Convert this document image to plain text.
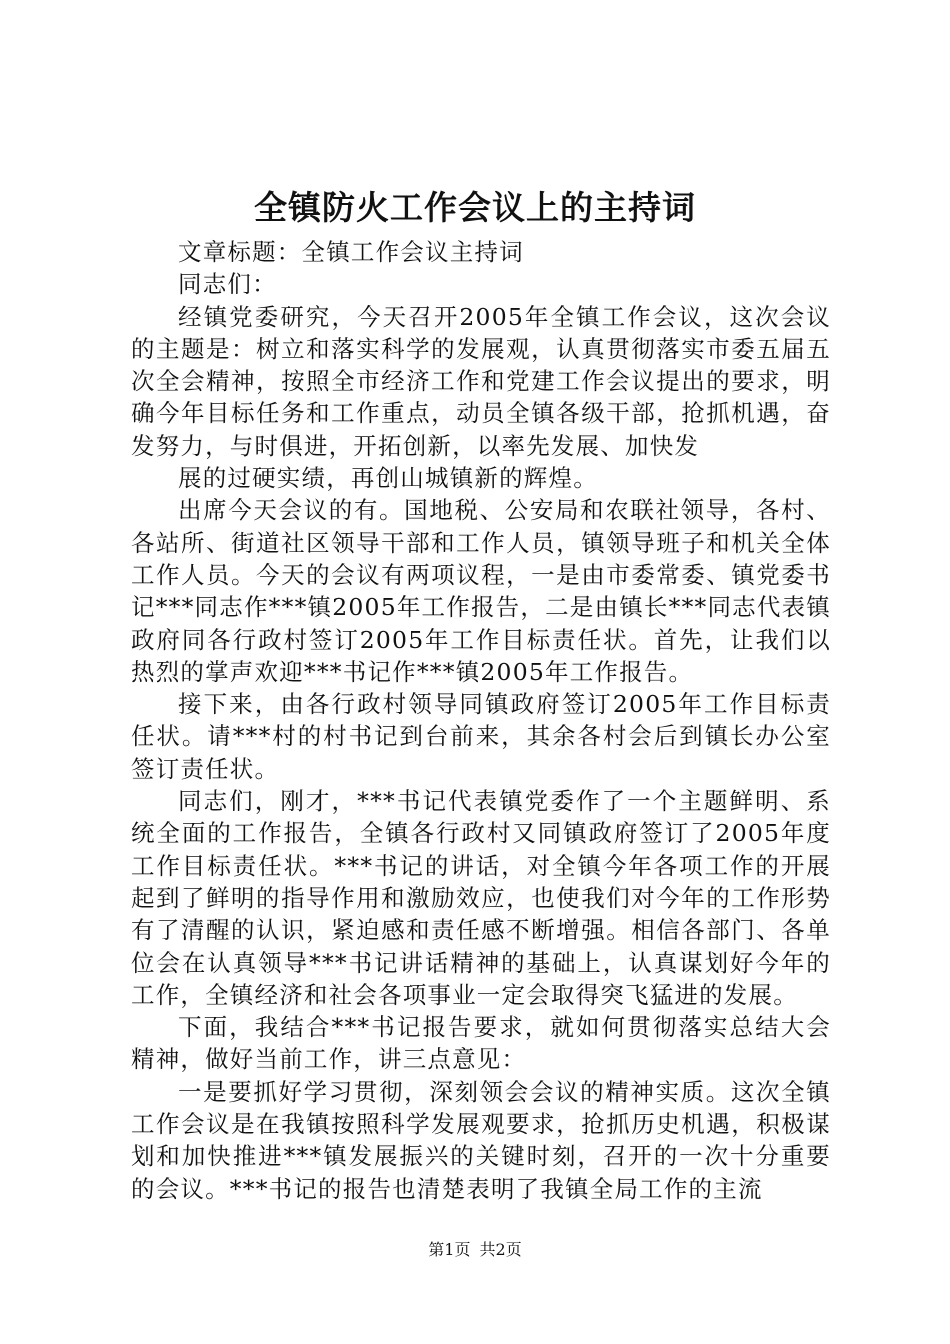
全镇防火工作会议上的主持词

文章标题：全镇工作会议主持词

同志们：

经镇党委研究，今天召开2005年全镇工作会议，这次会议的主题是：树立和落实科学的发展观，认真贯彻落实市委五届五次全会精神，按照全市经济工作和党建工作会议提出的要求，明确今年目标任务和工作重点，动员全镇各级干部，抢抓机遇，奋发努力，与时俱进，开拓创新，以率先发展、加快发

展的过硬实绩，再创山城镇新的辉煌。

出席今天会议的有。国地税、公安局和农联社领导，各村、各站所、街道社区领导干部和工作人员，镇领导班子和机关全体工作人员。今天的会议有两项议程，一是由市委常委、镇党委书记***同志作***镇2005年工作报告，二是由镇长***同志代表镇政府同各行政村签订2005年工作目标责任状。首先，让我们以热烈的掌声欢迎***书记作***镇2005年工作报告。

接下来，由各行政村领导同镇政府签订2005年工作目标责任状。请***村的村书记到台前来，其余各村会后到镇长办公室签订责任状。

同志们，刚才，***书记代表镇党委作了一个主题鲜明、系统全面的工作报告，全镇各行政村又同镇政府签订了2005年度工作目标责任状。***书记的讲话，对全镇今年各项工作的开展起到了鲜明的指导作用和激励效应，也使我们对今年的工作形势有了清醒的认识，紧迫感和责任感不断增强。相信各部门、各单位会在认真领导***书记讲话精神的基础上，认真谋划好今年的工作，全镇经济和社会各项事业一定会取得突飞猛进的发展。

下面，我结合***书记报告要求，就如何贯彻落实总结大会精神，做好当前工作，讲三点意见：

一是要抓好学习贯彻，深刻领会会议的精神实质。这次全镇工作会议是在我镇按照科学发展观要求，抢抓历史机遇，积极谋划和加快推进***镇发展振兴的关键时刻，召开的一次十分重要的会议。***书记的报告也清楚表明了我镇全局工作的主流

第1页 共2页
